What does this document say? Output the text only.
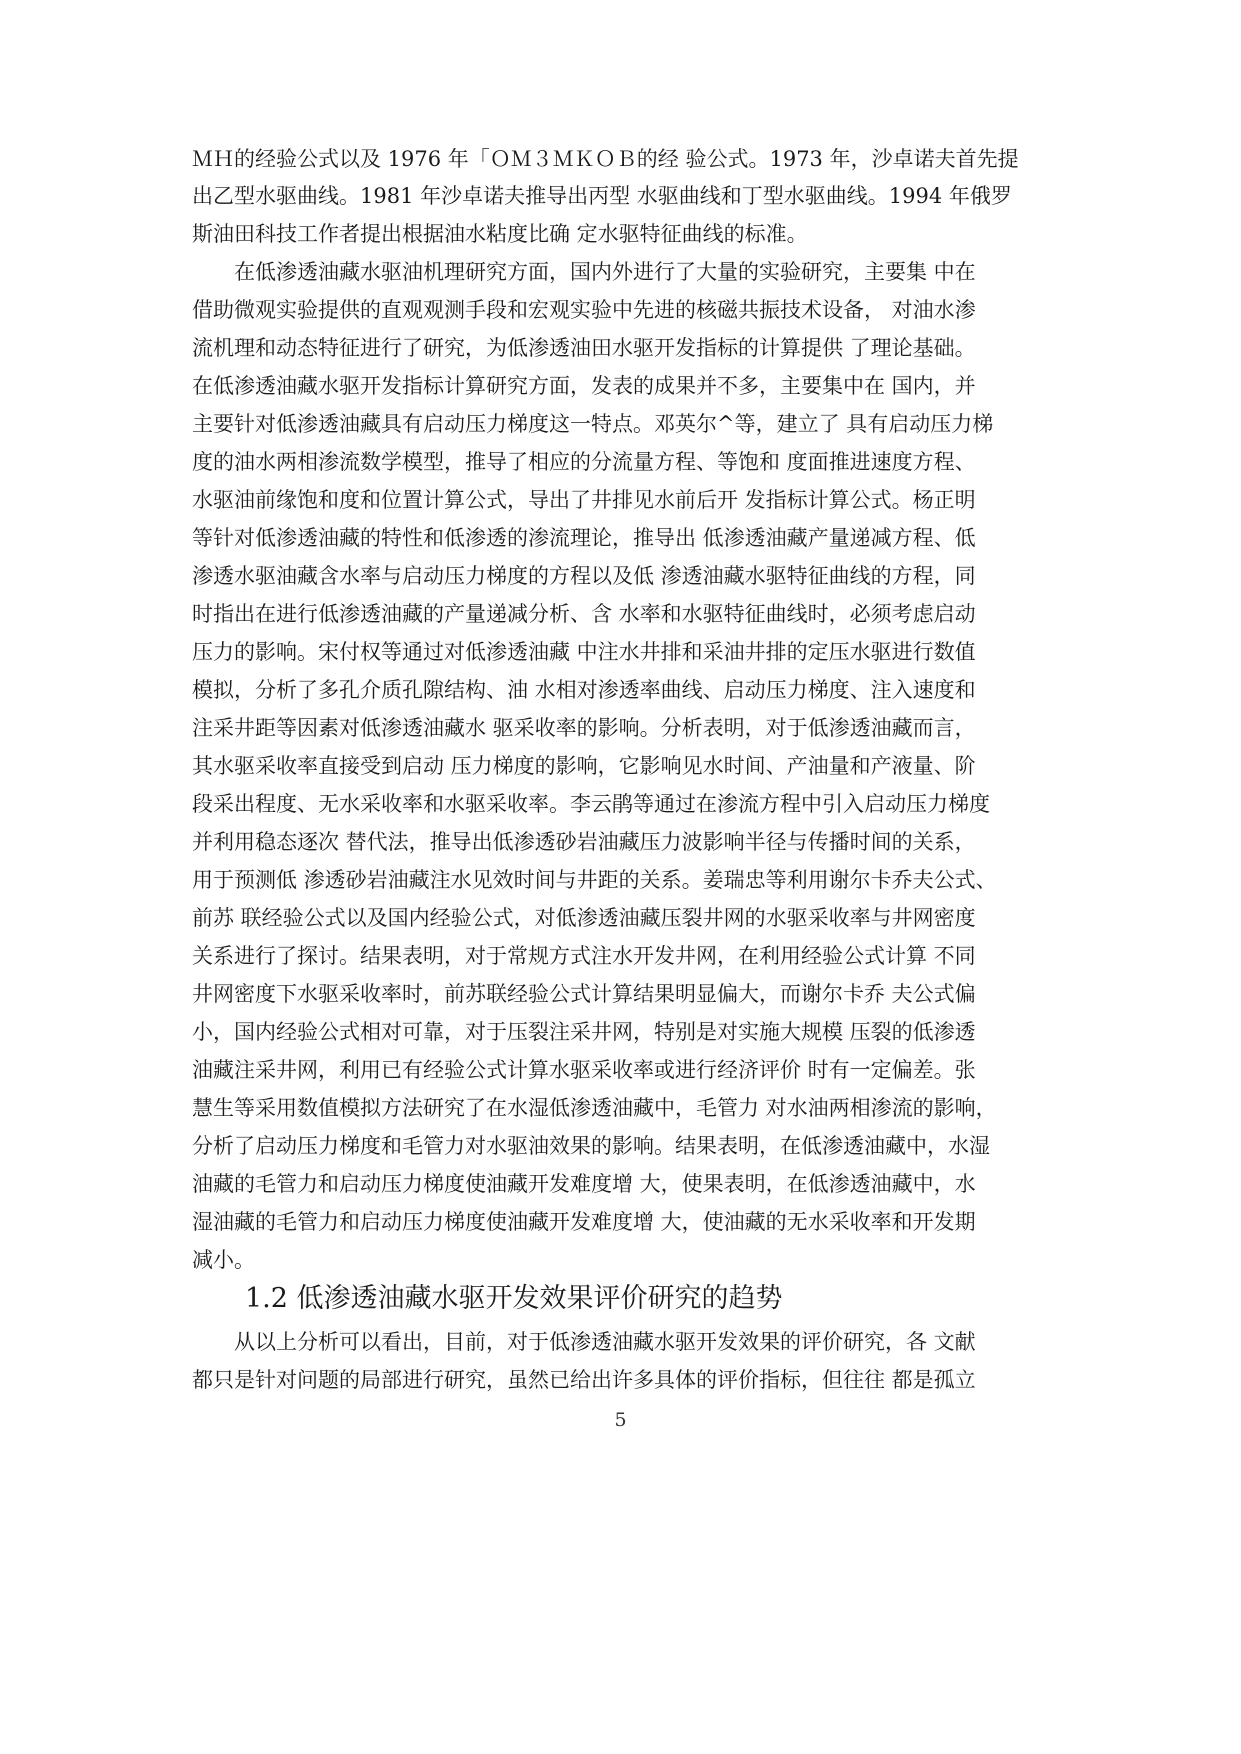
ＭＨ的经验公式以及 1976 年「ＯＭ３ＭＫＯＢ的经 验公式。1973 年，沙卓诺夫首先提
出乙型水驱曲线。1981 年沙卓诺夫推导出丙型 水驱曲线和丁型水驱曲线。1994 年俄罗
斯油田科技工作者提出根据油水粘度比确 定水驱特征曲线的标准。
在低渗透油藏水驱油机理研究方面，国内外进行了大量的实验研究，主要集 中在
借助微观实验提供的直观观测手段和宏观实验中先进的核磁共振技术设备， 对油水渗
流机理和动态特征进行了研究，为低渗透油田水驱开发指标的计算提供 了理论基础。
在低渗透油藏水驱开发指标计算研究方面，发表的成果并不多，主要集中在 国内，并
主要针对低渗透油藏具有启动压力梯度这一特点。邓英尔^等，建立了 具有启动压力梯
度的油水两相渗流数学模型，推导了相应的分流量方程、等饱和 度面推进速度方程、
水驱油前缘饱和度和位置计算公式，导出了井排见水前后开 发指标计算公式。杨正明
等针对低渗透油藏的特性和低渗透的渗流理论，推导出 低渗透油藏产量递减方程、低
渗透水驱油藏含水率与启动压力梯度的方程以及低 渗透油藏水驱特征曲线的方程，同
时指出在进行低渗透油藏的产量递减分析、含 水率和水驱特征曲线时，必须考虑启动
压力的影响。宋付权等通过对低渗透油藏 中注水井排和采油井排的定压水驱进行数值
模拟，分析了多孔介质孔隙结构、油 水相对渗透率曲线、启动压力梯度、注入速度和
注采井距等因素对低渗透油藏水 驱采收率的影响。分析表明，对于低渗透油藏而言，
其水驱采收率直接受到启动 压力梯度的影响，它影响见水时间、产油量和产液量、阶
段采出程度、无水采收率和水驱采收率。李云鹃等通过在渗流方程中引入启动压力梯度
并利用稳态逐次 替代法，推导出低渗透砂岩油藏压力波影响半径与传播时间的关系，
用于预测低 渗透砂岩油藏注水见效时间与井距的关系。姜瑞忠等利用谢尔卡乔夫公式、
前苏 联经验公式以及国内经验公式，对低渗透油藏压裂井网的水驱采收率与井网密度
关系进行了探讨。结果表明，对于常规方式注水开发井网，在利用经验公式计算 不同
井网密度下水驱采收率时，前苏联经验公式计算结果明显偏大，而谢尔卡乔 夫公式偏
小，国内经验公式相对可靠，对于压裂注采井网，特别是对实施大规模 压裂的低渗透
油藏注采井网，利用已有经验公式计算水驱采收率或进行经济评价 时有一定偏差。张
慧生等采用数值模拟方法研究了在水湿低渗透油藏中，毛管力 对水油两相渗流的影响，
分析了启动压力梯度和毛管力对水驱油效果的影响。结果表明，在低渗透油藏中，水湿
油藏的毛管力和启动压力梯度使油藏开发难度增 大，使果表明，在低渗透油藏中，水
湿油藏的毛管力和启动压力梯度使油藏开发难度增 大，使油藏的无水采收率和开发期
减小。
1.2 低渗透油藏水驱开发效果评价研究的趋势
从以上分析可以看出，目前，对于低渗透油藏水驱开发效果的评价研究，各 文献
都只是针对问题的局部进行研究，虽然已给出许多具体的评价指标，但往往 都是孤立
5
